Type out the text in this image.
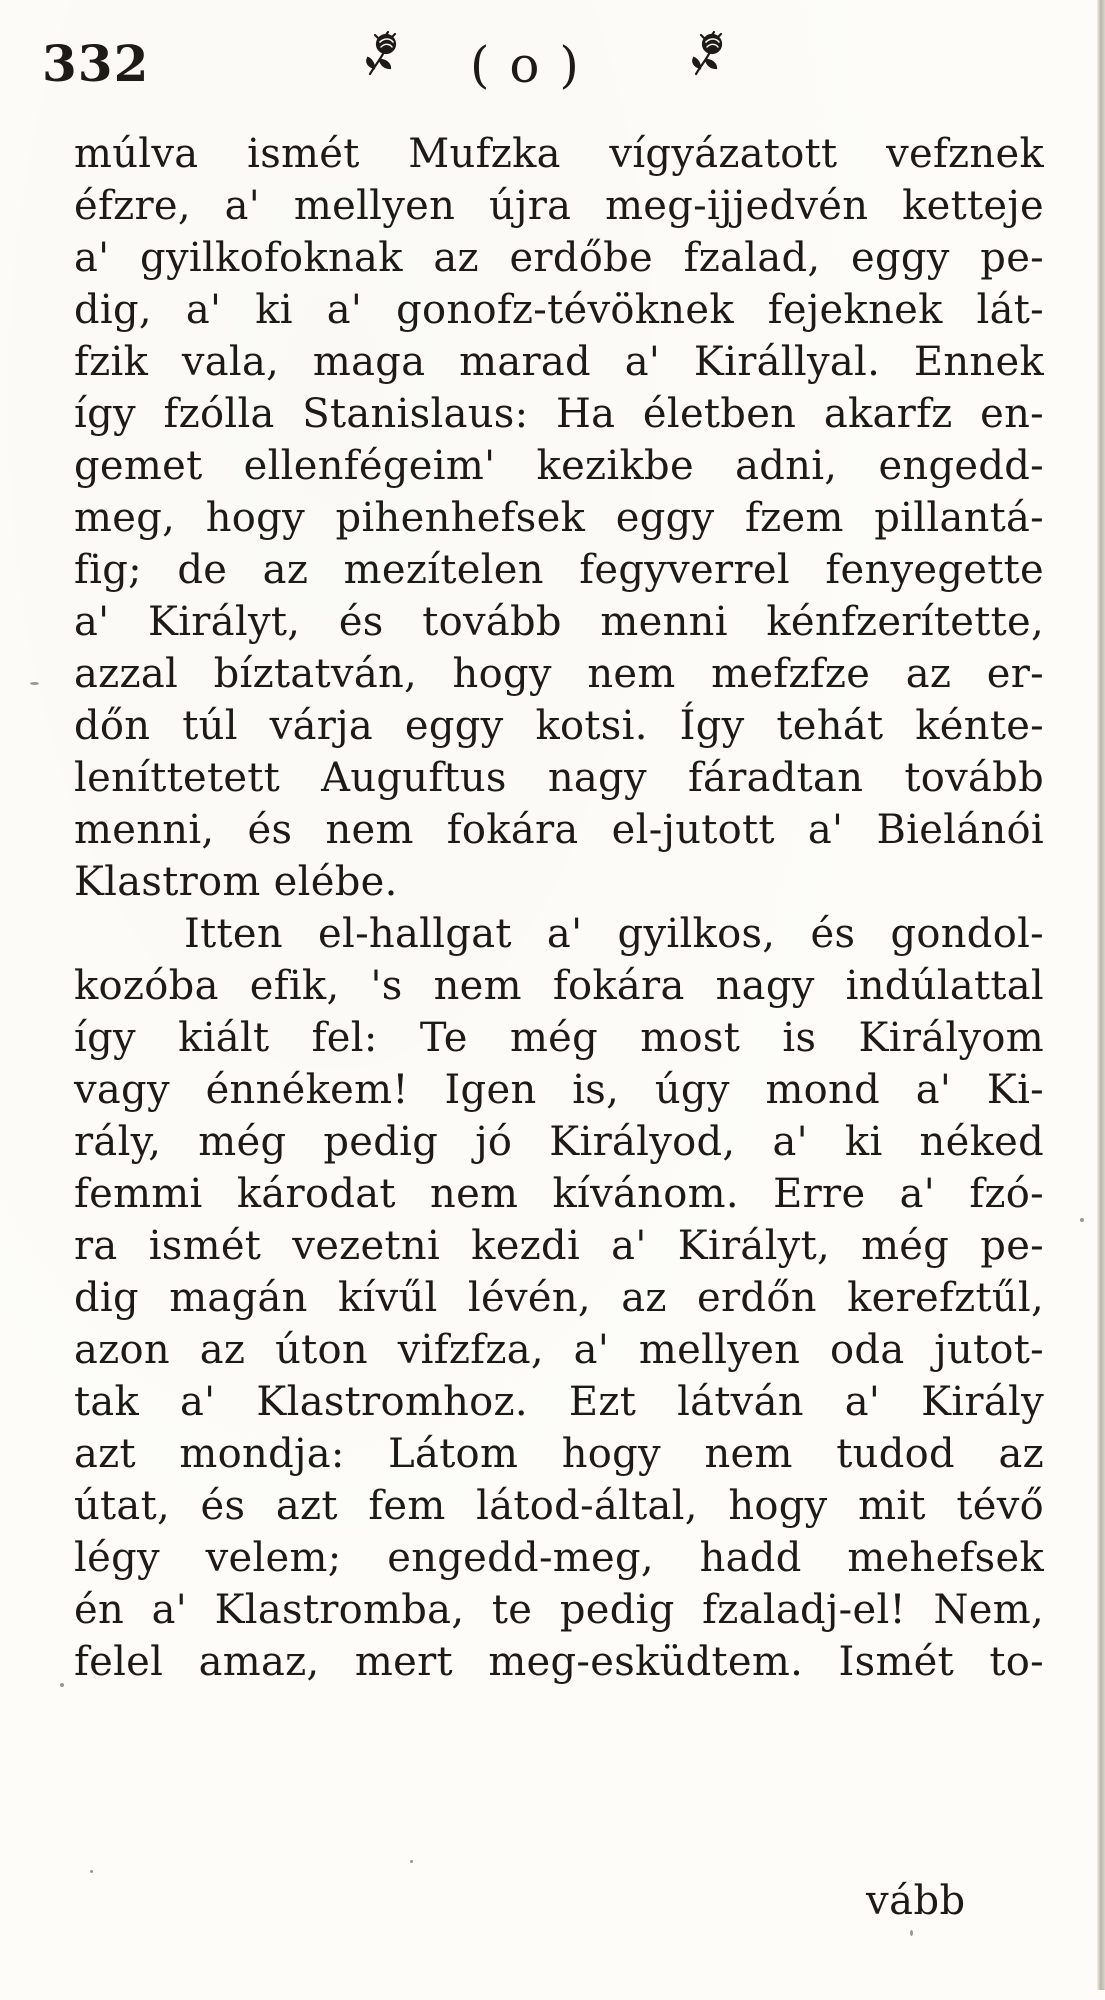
332	( o )
múlva ismét Mufzka vígyázatott vefznek
éfzre, a' mellyen újra meg-ijjedvén ketteje
a' gyilkofoknak az erdőbe fzalad, eggy pe-
dig, a' ki a' gonofz-tévöknek fejeknek lát-
fzik vala, maga marad a' Királlyal. Ennek
így fzólla Stanislaus: Ha életben akarfz en-
gemet ellenfégeim' kezikbe adni, engedd-
meg, hogy pihenhefsek eggy fzem pillantá-
fig; de az mezítelen fegyverrel fenyegette
a' Királyt, és tovább menni kénfzerítette,
azzal bíztatván, hogy nem mefzfze az er-
dőn túl várja eggy kotsi. Így tehát kénte-
leníttetett Auguftus nagy fáradtan tovább
menni, és nem fokára el-jutott a' Bielánói
Klastrom elébe.
Itten el-hallgat a' gyilkos, és gondol-
kozóba efik, 's nem fokára nagy indúlattal
így kiált fel: Te még most is Királyom
vagy énnékem! Igen is, úgy mond a' Ki-
rály, még pedig jó Királyod, a' ki néked
femmi károdat nem kívánom. Erre a' fzó-
ra ismét vezetni kezdi a' Királyt, még pe-
dig magán kívűl lévén, az erdőn kerefztűl,
azon az úton vifzfza, a' mellyen oda jutot-
tak a' Klastromhoz. Ezt látván a' Király
azt mondja: Látom hogy nem tudod az
útat, és azt fem látod-által, hogy mit tévő
légy velem; engedd-meg, hadd mehefsek
én a' Klastromba, te pedig fzaladj-el! Nem,
felel amaz, mert meg-esküdtem. Ismét to-
vább
